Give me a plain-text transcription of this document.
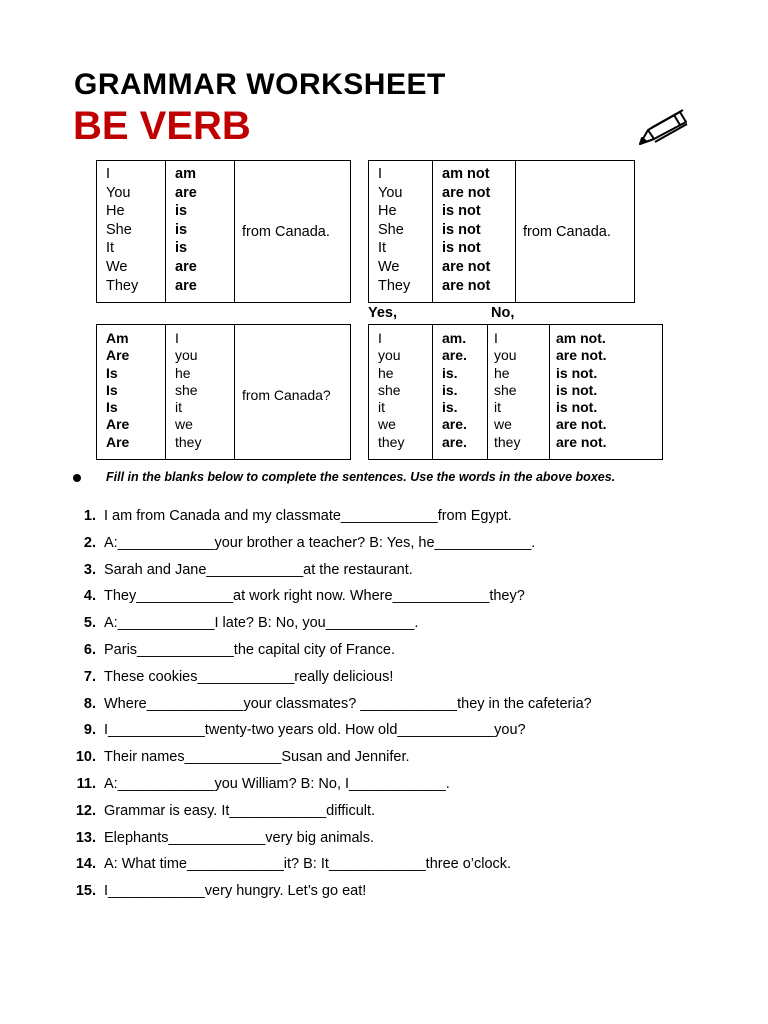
GRAMMAR WORKSHEET
BE VERB
I
You
He
She
It
We
They
am
are
is
is
is
are
are
from Canada.
I
You
He
She
It
We
They
am not
are not
is not
is not
is not
are not
are not
from Canada.
Yes,	No,
Am
Are
Is
Is
Is
Are
Are
I
you
he
she
it
we
they
from Canada?
I
you
he
she
it
we
they
am.
are.
is.
is.
is.
are.
are.
I
you
he
she
it
we
they
am not.
are not.
is not.
is not.
is not.
are not.
are not.
Fill in the blanks below to complete the sentences. Use the words in the above boxes.
1. I am from Canada and my classmate____________from Egypt.
2. A:____________your brother a teacher? B: Yes, he____________.
3. Sarah and Jane____________at the restaurant.
4. They____________at work right now. Where____________they?
5. A:____________I late? B: No, you___________.
6. Paris____________the capital city of France.
7. These cookies____________really delicious!
8. Where____________your classmates? ____________they in the cafeteria?
9. I____________twenty-two years old. How old____________you?
10. Their names____________Susan and Jennifer.
11. A:____________you William? B: No, I____________.
12. Grammar is easy. It____________difficult.
13. Elephants____________very big animals.
14. A: What time____________it? B: It____________three o’clock.
15. I____________very hungry. Let’s go eat!
